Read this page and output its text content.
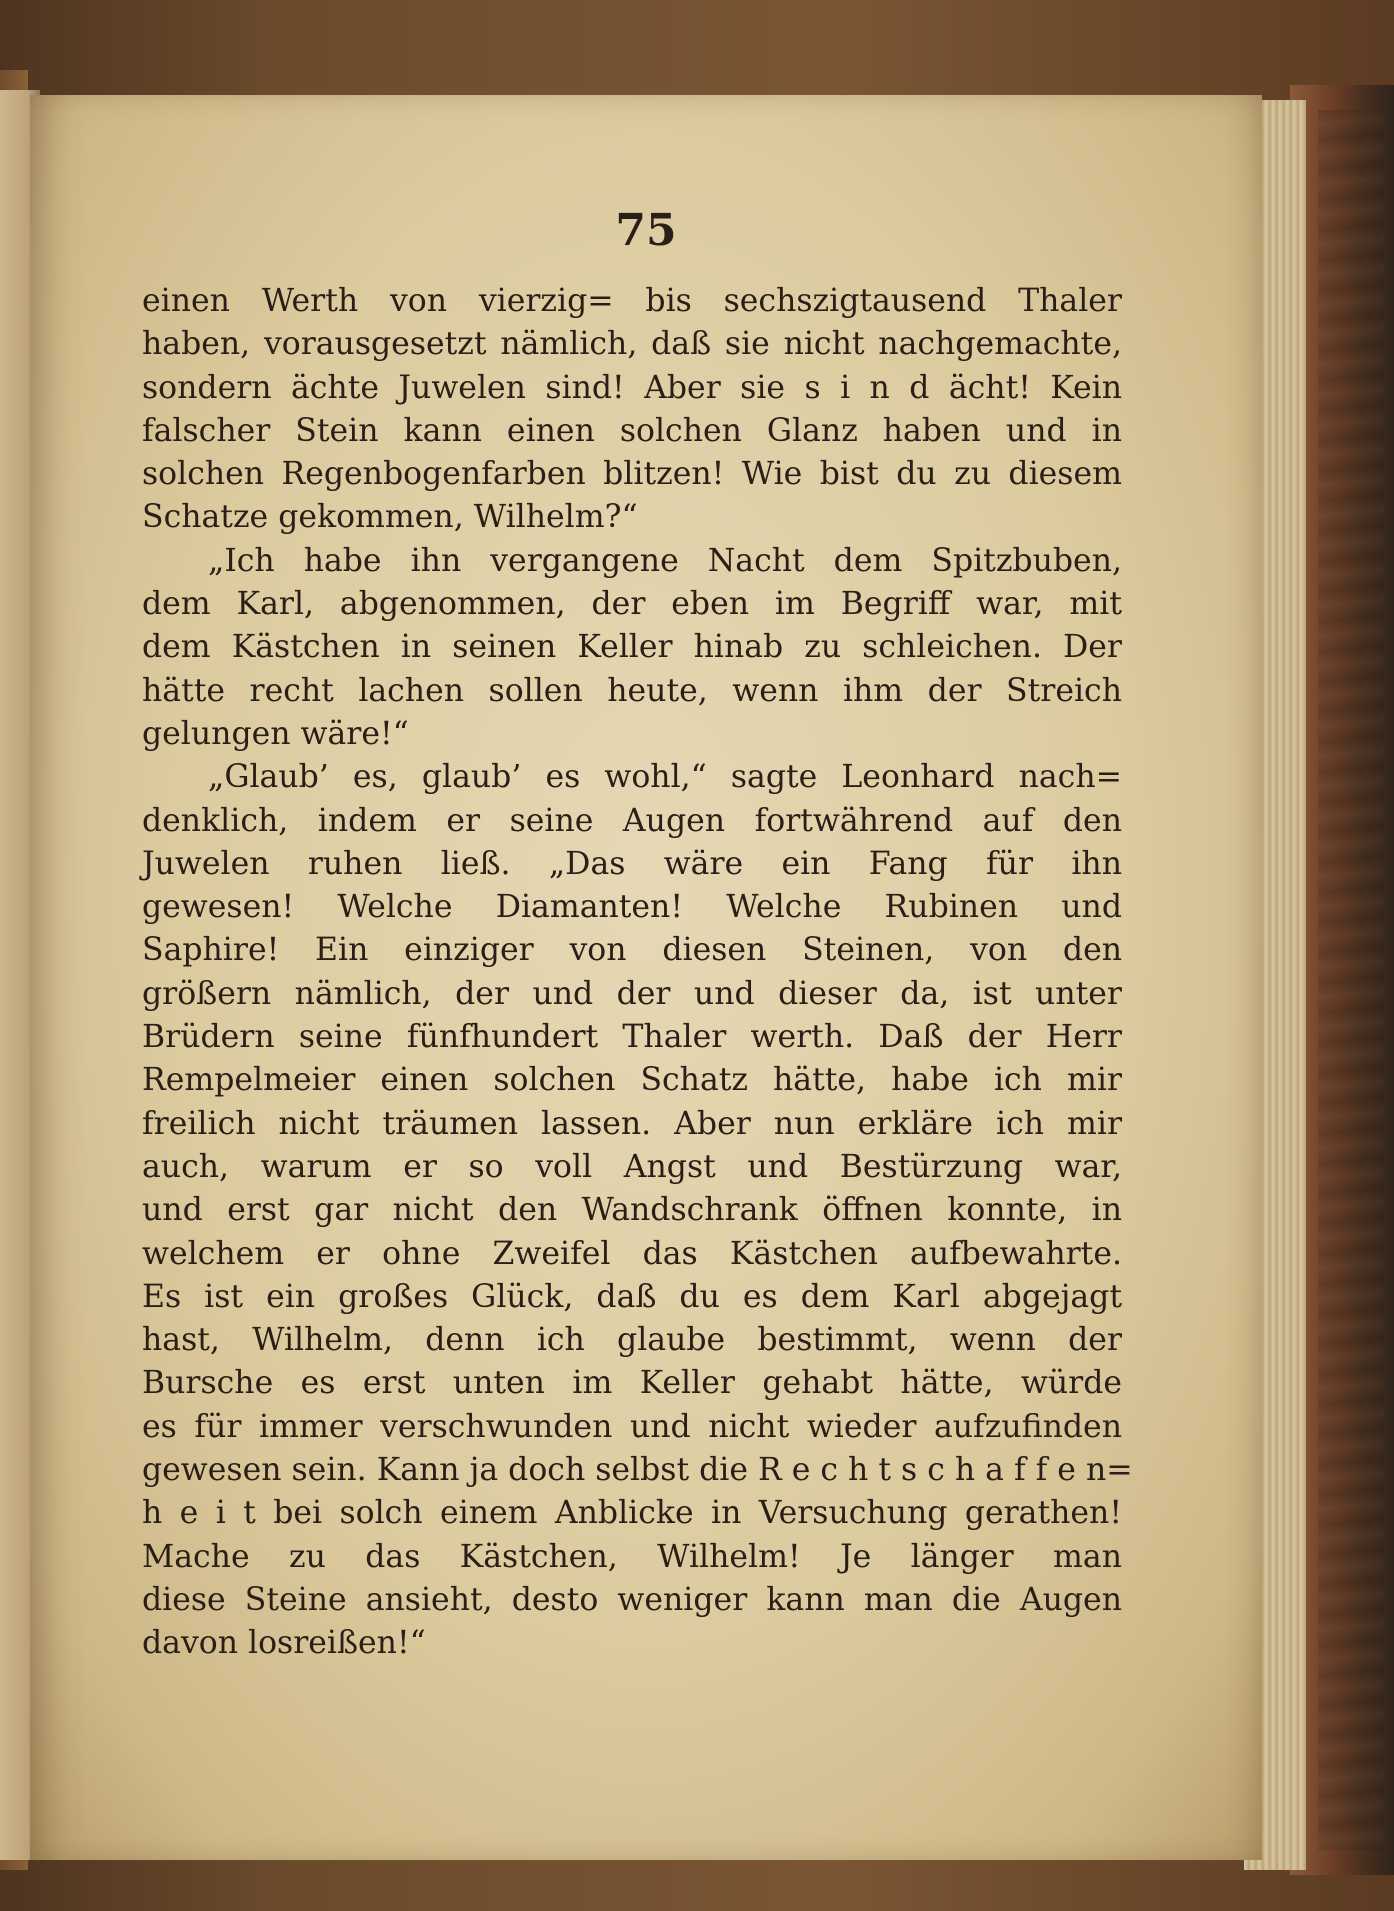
75
einen Werth von vierzig= bis sechszigtausend Thaler
haben, vorausgesetzt nämlich, daß sie nicht nachgemachte,
sondern ächte Juwelen sind! Aber sie s i n d ächt! Kein
falscher Stein kann einen solchen Glanz haben und in
solchen Regenbogenfarben blitzen! Wie bist du zu diesem
Schatze gekommen, Wilhelm?“
„Ich habe ihn vergangene Nacht dem Spitzbuben,
dem Karl, abgenommen, der eben im Begriff war, mit
dem Kästchen in seinen Keller hinab zu schleichen. Der
hätte recht lachen sollen heute, wenn ihm der Streich
gelungen wäre!“
„Glaub’ es, glaub’ es wohl,“ sagte Leonhard nach=
denklich, indem er seine Augen fortwährend auf den
Juwelen ruhen ließ. „Das wäre ein Fang für ihn
gewesen! Welche Diamanten! Welche Rubinen und
Saphire! Ein einziger von diesen Steinen, von den
größern nämlich, der und der und dieser da, ist unter
Brüdern seine fünfhundert Thaler werth. Daß der Herr
Rempelmeier einen solchen Schatz hätte, habe ich mir
freilich nicht träumen lassen. Aber nun erkläre ich mir
auch, warum er so voll Angst und Bestürzung war,
und erst gar nicht den Wandschrank öffnen konnte, in
welchem er ohne Zweifel das Kästchen aufbewahrte.
Es ist ein großes Glück, daß du es dem Karl abgejagt
hast, Wilhelm, denn ich glaube bestimmt, wenn der
Bursche es erst unten im Keller gehabt hätte, würde
es für immer verschwunden und nicht wieder aufzufinden
gewesen sein. Kann ja doch selbst die R e c h t s c h a f f e n=
h e i t bei solch einem Anblicke in Versuchung gerathen!
Mache zu das Kästchen, Wilhelm! Je länger man
diese Steine ansieht, desto weniger kann man die Augen
davon losreißen!“
